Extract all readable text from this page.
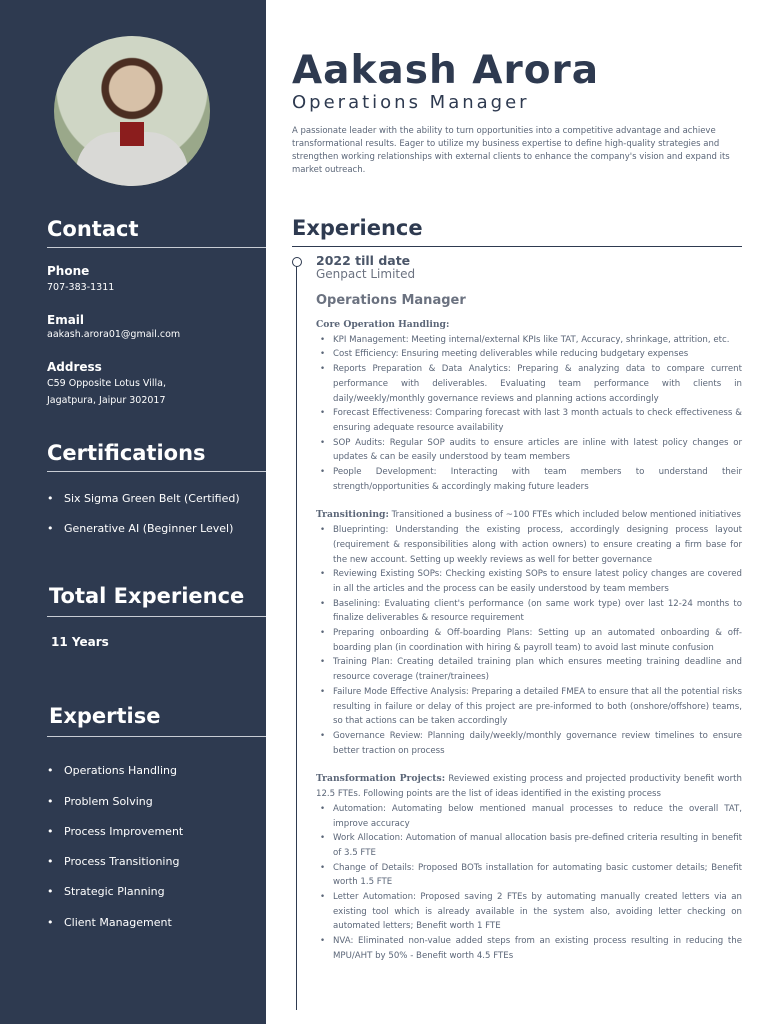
Contact
Phone
707-383-1311
Email
aakash.arora01@gmail.com
Address
C59 Opposite Lotus Villa,
Jagatpura, Jaipur 302017
Certifications
• Six Sigma Green Belt (Certified)
• Generative AI (Beginner Level)
Total Experience
11 Years
Expertise
• Operations Handling
• Problem Solving
• Process Improvement
• Process Transitioning
• Strategic Planning
• Client Management
Aakash Arora
Operations Manager
A passionate leader with the ability to turn opportunities into a competitive advantage and achieve transformational results. Eager to utilize my business expertise to define high-quality strategies and strengthen working relationships with external clients to enhance the company's vision and expand its market outreach.
Experience
2022 till date
Genpact Limited
Operations Manager
Core Operation Handling:
• KPI Management: Meeting internal/external KPIs like TAT, Accuracy, shrinkage, attrition, etc.
• Cost Efficiency: Ensuring meeting deliverables while reducing budgetary expenses
• Reports Preparation & Data Analytics: Preparing & analyzing data to compare current performance with deliverables. Evaluating team performance with clients in daily/weekly/monthly governance reviews and planning actions accordingly
• Forecast Effectiveness: Comparing forecast with last 3 month actuals to check effectiveness & ensuring adequate resource availability
• SOP Audits: Regular SOP audits to ensure articles are inline with latest policy changes or updates & can be easily understood by team members
• People Development: Interacting with team members to understand their strength/opportunities & accordingly making future leaders

Transitioning: Transitioned a business of ~100 FTEs which included below mentioned initiatives

• Blueprinting: Understanding the existing process, accordingly designing process layout (requirement & responsibilities along with action owners) to ensure creating a firm base for the new account. Setting up weekly reviews as well for better governance
• Reviewing Existing SOPs: Checking existing SOPs to ensure latest policy changes are covered in all the articles and the process can be easily understood by team members
• Baselining: Evaluating client's performance (on same work type) over last 12-24 months to finalize deliverables & resource requirement
• Preparing onboarding & Off-boarding Plans: Setting up an automated onboarding & off-boarding plan (in coordination with hiring & payroll team) to avoid last minute confusion
• Training Plan: Creating detailed training plan which ensures meeting training deadline and resource coverage (trainer/trainees)
• Failure Mode Effective Analysis: Preparing a detailed FMEA to ensure that all the potential risks resulting in failure or delay of this project are pre-informed to both (onshore/offshore) teams, so that actions can be taken accordingly
• Governance Review: Planning daily/weekly/monthly governance review timelines to ensure better traction on process

Transformation Projects: Reviewed existing process and projected productivity benefit worth 12.5 FTEs. Following points are the list of ideas identified in the existing process

• Automation: Automating below mentioned manual processes to reduce the overall TAT, improve accuracy
• Work Allocation: Automation of manual allocation basis pre-defined criteria resulting in benefit of 3.5 FTE
• Change of Details: Proposed BOTs installation for automating basic customer details; Benefit worth 1.5 FTE
• Letter Automation: Proposed saving 2 FTEs by automating manually created letters via an existing tool which is already available in the system also, avoiding letter checking on automated letters; Benefit worth 1 FTE
• NVA: Eliminated non-value added steps from an existing process resulting in reducing the MPU/AHT by 50% - Benefit worth 4.5 FTEs
